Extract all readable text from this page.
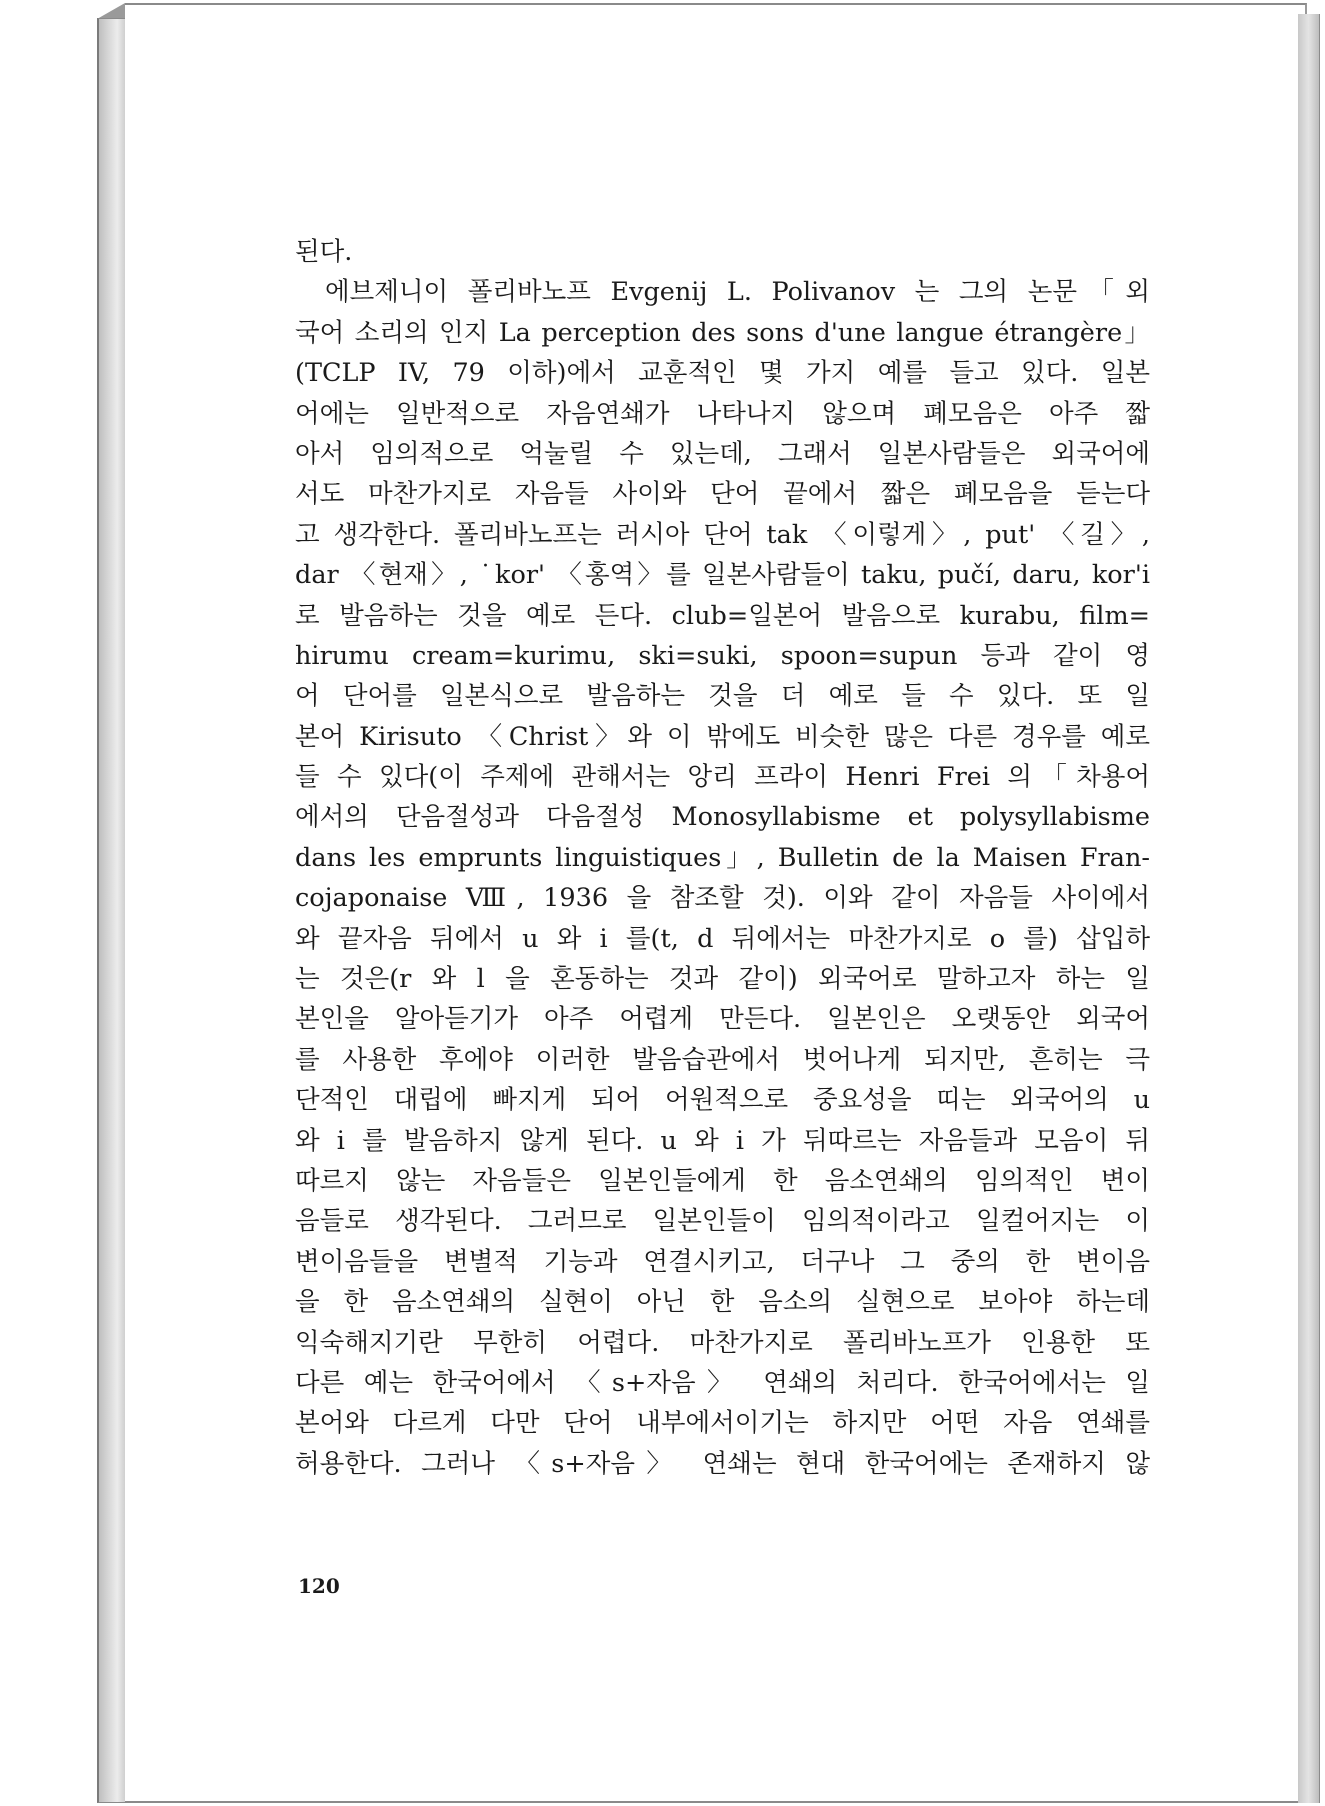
된다.
에브제니이 폴리바노프 Evgenij L. Polivanov 는 그의 논문「외
국어 소리의 인지 La perception des sons d'une langue étrangère」
(TCLP IV, 79 이하)에서 교훈적인 몇 가지 예를 들고 있다. 일본
어에는 일반적으로 자음연쇄가 나타나지 않으며 폐모음은 아주 짧
아서 임의적으로 억눌릴 수 있는데, 그래서 일본사람들은 외국어에
서도 마찬가지로 자음들 사이와 단어 끝에서 짧은 폐모음을 듣는다
고 생각한다. 폴리바노프는 러시아 단어 tak 〈이렇게〉, put' 〈길〉,
dar 〈현재〉, ˙kor' 〈홍역〉를 일본사람들이 taku, pučí, daru, kor'i
로 발음하는 것을 예로 든다. club=일본어 발음으로 kurabu, film=
hirumu cream=kurimu, ski=suki, spoon=supun 등과 같이 영
어 단어를 일본식으로 발음하는 것을 더 예로 들 수 있다. 또 일
본어 Kirisuto 〈Christ〉와 이 밖에도 비슷한 많은 다른 경우를 예로
들 수 있다(이 주제에 관해서는 앙리 프라이 Henri Frei 의「차용어
에서의 단음절성과 다음절성 Monosyllabisme et polysyllabisme
dans les emprunts linguistiques」, Bulletin de la Maisen Fran-
cojaponaise Ⅷ, 1936 을 참조할 것). 이와 같이 자음들 사이에서
와 끝자음 뒤에서 u 와 i 를(t, d 뒤에서는 마찬가지로 o 를) 삽입하
는 것은(r 와 l 을 혼동하는 것과 같이) 외국어로 말하고자 하는 일
본인을 알아듣기가 아주 어렵게 만든다. 일본인은 오랫동안 외국어
를 사용한 후에야 이러한 발음습관에서 벗어나게 되지만, 흔히는 극
단적인 대립에 빠지게 되어 어원적으로 중요성을 띠는 외국어의 u
와 i 를 발음하지 않게 된다. u 와 i 가 뒤따르는 자음들과 모음이 뒤
따르지 않는 자음들은 일본인들에게 한 음소연쇄의 임의적인 변이
음들로 생각된다. 그러므로 일본인들이 임의적이라고 일컬어지는 이
변이음들을 변별적 기능과 연결시키고, 더구나 그 중의 한 변이음
을 한 음소연쇄의 실현이 아닌 한 음소의 실현으로 보아야 하는데
익숙해지기란 무한히 어렵다. 마찬가지로 폴리바노프가 인용한 또
다른 예는 한국어에서 〈s+자음〉 연쇄의 처리다. 한국어에서는 일
본어와 다르게 다만 단어 내부에서이기는 하지만 어떤 자음 연쇄를
허용한다. 그러나 〈s+자음〉 연쇄는 현대 한국어에는 존재하지 않
120
